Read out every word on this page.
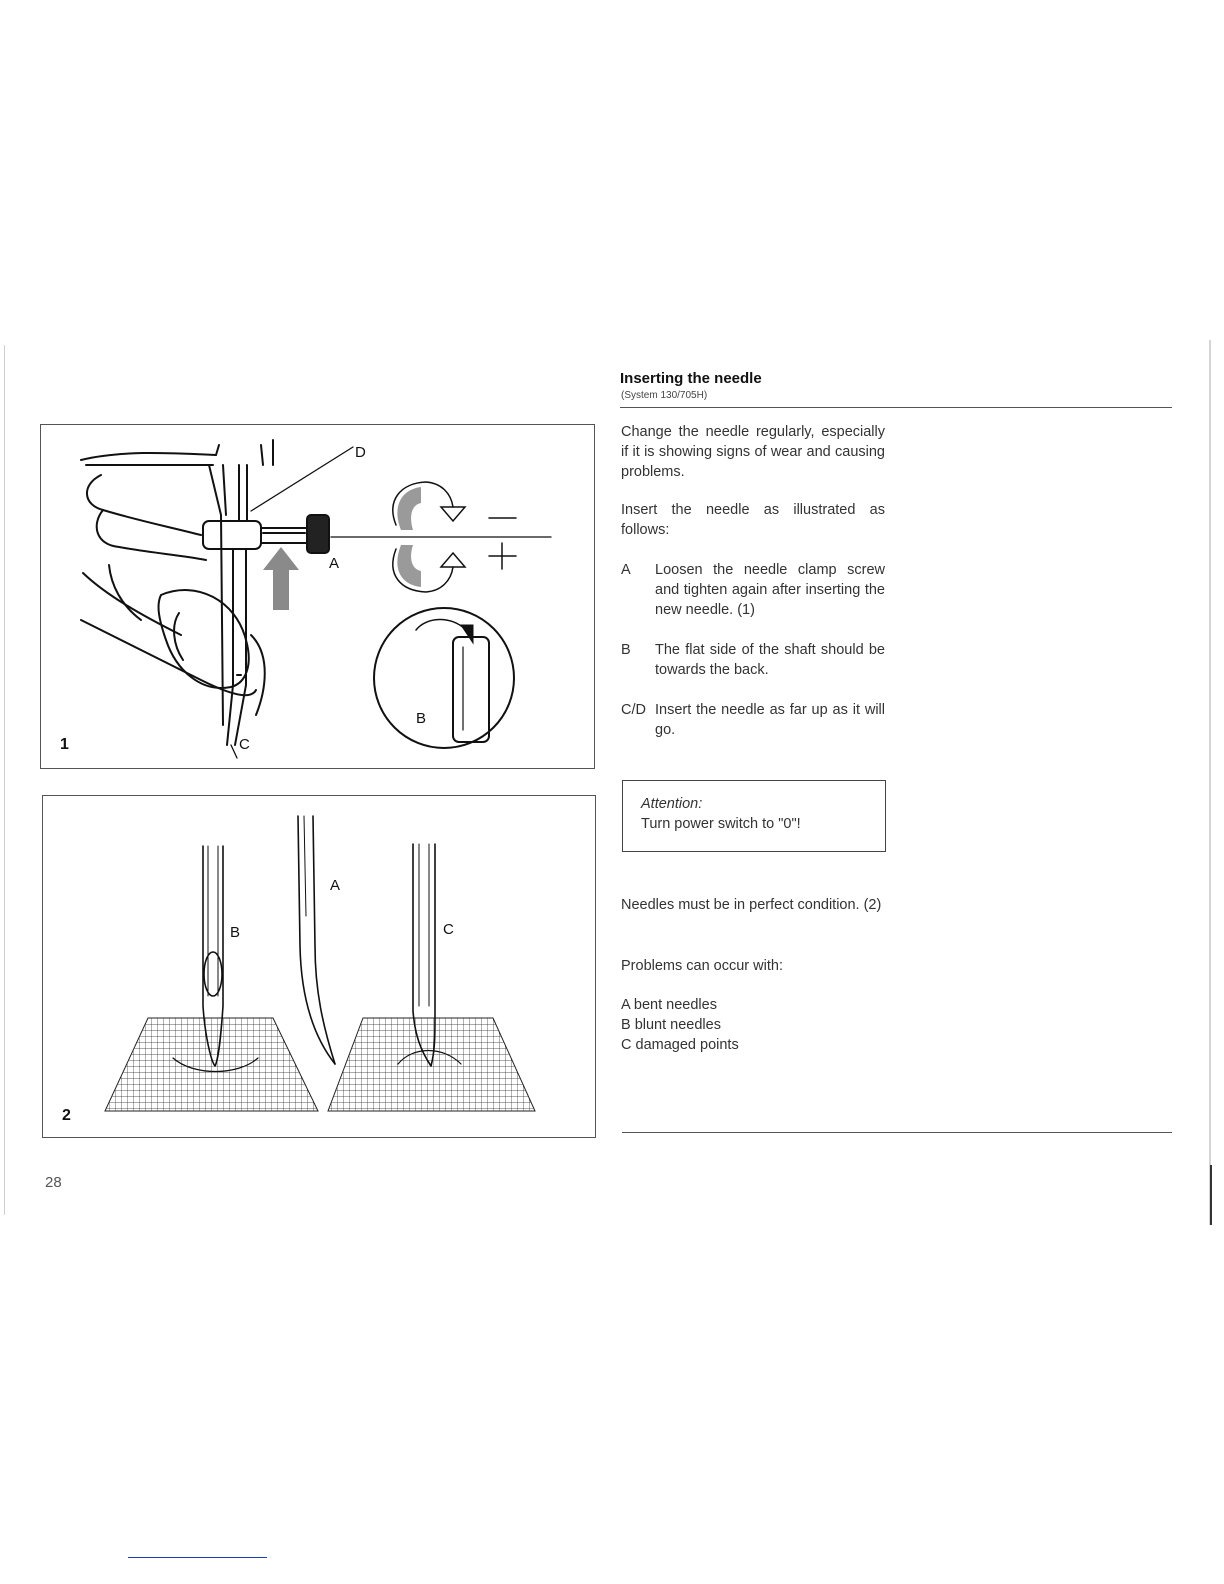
D
A
C
B
1
B
A
C
2
Inserting the needle
(System 130/705H)
Change the needle regularly, especially if it is showing signs of wear and causing problems.
Insert the needle as illustrated as follows:
A	Loosen the needle clamp screw and tighten again after inserting the new needle. (1)
B	The flat side of the shaft should be towards the back.
C/D Insert the needle as far up as it will go.
Attention:
Turn power switch to "0"!
Needles must be in perfect condition. (2)
Problems can occur with:
A bent needles
B blunt needles
C damaged points
28
